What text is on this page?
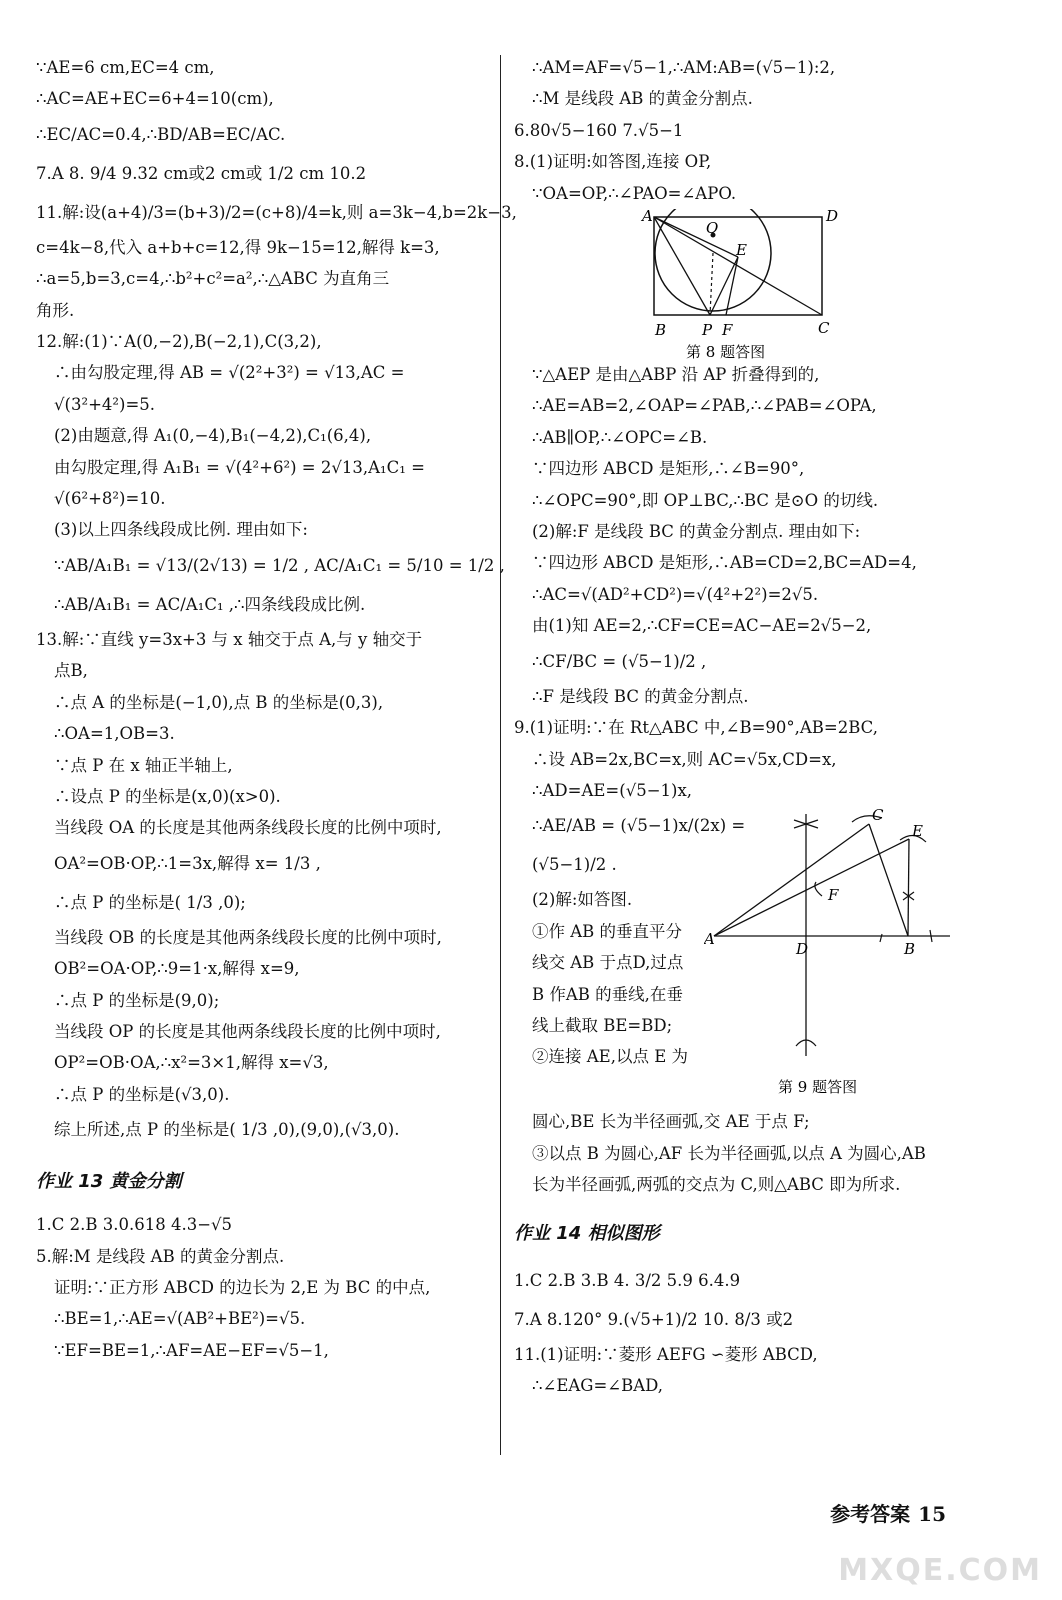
∵AE=6 cm,EC=4 cm,
∴AC=AE+EC=6+4=10(cm),
∴EC/AC=0.4,∴BD/AB=EC/AC.
7.A 8. 9/4 9.32 cm或2 cm或 1/2 cm 10.2
11.解:设(a+4)/3=(b+3)/2=(c+8)/4=k,则 a=3k−4,b=2k−3,
c=4k−8,代入 a+b+c=12,得 9k−15=12,解得 k=3,
∴a=5,b=3,c=4,∴b²+c²=a²,∴△ABC 为直角三
角形.
12.解:(1)∵A(0,−2),B(−2,1),C(3,2),
∴由勾股定理,得 AB = √(2²+3²) = √13,AC =
√(3²+4²)=5.
(2)由题意,得 A₁(0,−4),B₁(−4,2),C₁(6,4),
由勾股定理,得 A₁B₁ = √(4²+6²) = 2√13,A₁C₁ =
√(6²+8²)=10.
(3)以上四条线段成比例. 理由如下:
∵AB/A₁B₁ = √13/(2√13) = 1/2 , AC/A₁C₁ = 5/10 = 1/2 ,
∴AB/A₁B₁ = AC/A₁C₁ ,∴四条线段成比例.
13.解:∵直线 y=3x+3 与 x 轴交于点 A,与 y 轴交于
点B,
∴点 A 的坐标是(−1,0),点 B 的坐标是(0,3),
∴OA=1,OB=3.
∵点 P 在 x 轴正半轴上,
∴设点 P 的坐标是(x,0)(x>0).
当线段 OA 的长度是其他两条线段长度的比例中项时,
OA²=OB·OP,∴1=3x,解得 x= 1/3 ,
∴点 P 的坐标是( 1/3 ,0);
当线段 OB 的长度是其他两条线段长度的比例中项时,
OB²=OA·OP,∴9=1·x,解得 x=9,
∴点 P 的坐标是(9,0);
当线段 OP 的长度是其他两条线段长度的比例中项时,
OP²=OB·OA,∴x²=3×1,解得 x=√3,
∴点 P 的坐标是(√3,0).
综上所述,点 P 的坐标是( 1/3 ,0),(9,0),(√3,0).
作业 13 黄金分割
1.C 2.B 3.0.618 4.3−√5
5.解:M 是线段 AB 的黄金分割点.
证明:∵正方形 ABCD 的边长为 2,E 为 BC 的中点,
∴BE=1,∴AE=√(AB²+BE²)=√5.
∵EF=BE=1,∴AF=AE−EF=√5−1,
∴AM=AF=√5−1,∴AM:AB=(√5−1):2,
∴M 是线段 AB 的黄金分割点.
6.80√5−160 7.√5−1
8.(1)证明:如答图,连接 OP,
∵OA=OP,∴∠PAO=∠APO.
A	D
O
E
B P F	C
第 8 题答图
∵△AEP 是由△ABP 沿 AP 折叠得到的,
∴AE=AB=2,∠OAP=∠PAB,∴∠PAB=∠OPA,
∴AB∥OP,∴∠OPC=∠B.
∵四边形 ABCD 是矩形,∴∠B=90°,
∴∠OPC=90°,即 OP⊥BC,∴BC 是⊙O 的切线.
(2)解:F 是线段 BC 的黄金分割点. 理由如下:
∵四边形 ABCD 是矩形,∴AB=CD=2,BC=AD=4,
∴AC=√(AD²+CD²)=√(4²+2²)=2√5.
由(1)知 AE=2,∴CF=CE=AC−AE=2√5−2,
∴CF/BC = (√5−1)/2 ,
∴F 是线段 BC 的黄金分割点.
9.(1)证明:∵在 Rt△ABC 中,∠B=90°,AB=2BC,
∴设 AB=2x,BC=x,则 AC=√5x,CD=x,
∴AD=AE=(√5−1)x,
∴AE/AB = (√5−1)x/(2x) =
(√5−1)/2 .
(2)解:如答图.
①作 AB 的垂直平分
线交 AB 于点D,过点
B 作AB 的垂线,在垂
线上截取 BE=BD;
②连接 AE,以点 E 为
C
E
F
A
D	B
第 9 题答图
圆心,BE 长为半径画弧,交 AE 于点 F;
③以点 B 为圆心,AF 长为半径画弧,以点 A 为圆心,AB
长为半径画弧,两弧的交点为 C,则△ABC 即为所求.
作业 14 相似图形
1.C 2.B 3.B 4. 3/2 5.9 6.4.9
7.A 8.120° 9.(√5+1)/2 10. 8/3 或2
11.(1)证明:∵菱形 AEFG ∽菱形 ABCD,
∴∠EAG=∠BAD,
参考答案 15
MXQE.COM
